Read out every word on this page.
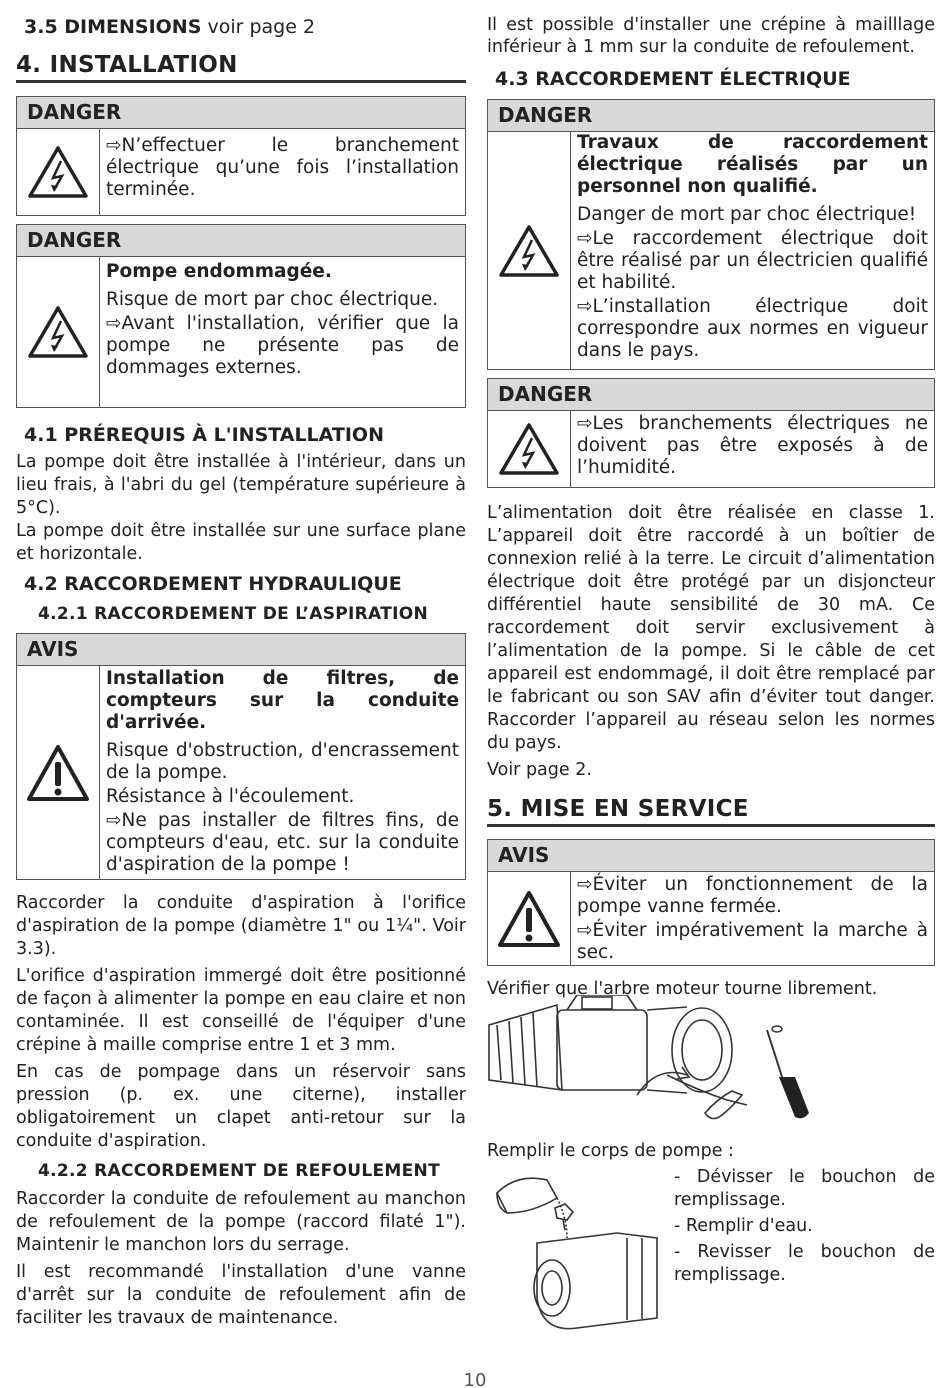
3.5 DIMENSIONS voir page 2
4. INSTALLATION
DANGER

⇨N’effectuer le branchement électrique qu’une fois l’installation terminée.

DANGER

Pompe endommagée.

Risque de mort par choc électrique.

⇨Avant l'installation, vérifier que la pompe ne présente pas de dommages externes.

4.1 PRÉREQUIS À L'INSTALLATION

La pompe doit être installée à l'intérieur, dans un lieu frais, à l'abri du gel (température supérieure à 5°C).

La pompe doit être installée sur une surface plane et horizontale.

4.2 RACCORDEMENT HYDRAULIQUE
4.2.1 RACCORDEMENT DE L’ASPIRATION
AVIS

Installation de filtres, de compteurs sur la conduite d'arrivée.

Risque d'obstruction, d'encrassement de la pompe.

Résistance à l'écoulement.

⇨Ne pas installer de filtres fins, de compteurs d'eau, etc. sur la conduite d'aspiration de la pompe !

Raccorder la conduite d'aspiration à l'orifice d'aspiration de la pompe (diamètre 1" ou 1¼". Voir 3.3).

L'orifice d'aspiration immergé doit être positionné de façon à alimenter la pompe en eau claire et non contaminée. Il est conseillé de l'équiper d'une crépine à maille comprise entre 1 et 3 mm.

En cas de pompage dans un réservoir sans pression (p. ex. une citerne), installer obligatoirement un clapet anti-retour sur la conduite d'aspiration.

4.2.2 RACCORDEMENT DE REFOULEMENT

Raccorder la conduite de refoulement au manchon de refoulement de la pompe (raccord filaté 1"). Maintenir le manchon lors du serrage.

Il est recommandé l'installation d'une vanne d'arrêt sur la conduite de refoulement afin de faciliter les travaux de maintenance.

Il est possible d'installer une crépine à mailllage inférieur à 1 mm sur la conduite de refoulement.

4.3 RACCORDEMENT ÉLECTRIQUE
DANGER

Travaux de raccordement électrique réalisés par un personnel non qualifié.

Danger de mort par choc électrique!

⇨Le raccordement électrique doit être réalisé par un électricien qualifié et habilité.

⇨L’installation électrique doit correspondre aux normes en vigueur dans le pays.

DANGER

⇨Les branchements électriques ne doivent pas être exposés à de l’humidité.

L’alimentation doit être réalisée en classe 1. L’appareil doit être raccordé à un boîtier de connexion relié à la terre. Le circuit d’alimentation électrique doit être protégé par un disjoncteur différentiel haute sensibilité de 30 mA. Ce raccordement doit servir exclusivement à l’alimentation de la pompe. Si le câble de cet appareil est endommagé, il doit être remplacé par le fabricant ou son SAV afin d’éviter tout danger. Raccorder l’appareil au réseau selon les normes du pays.

Voir page 2.

5. MISE EN SERVICE
AVIS

⇨Éviter un fonctionnement de la pompe vanne fermée.

⇨Éviter impérativement la marche à sec.

Vérifier que l'arbre moteur tourne librement.

Remplir le corps de pompe :

- Dévisser le bouchon de remplissage.

- Remplir d'eau.

- Revisser le bouchon de remplissage.

10
